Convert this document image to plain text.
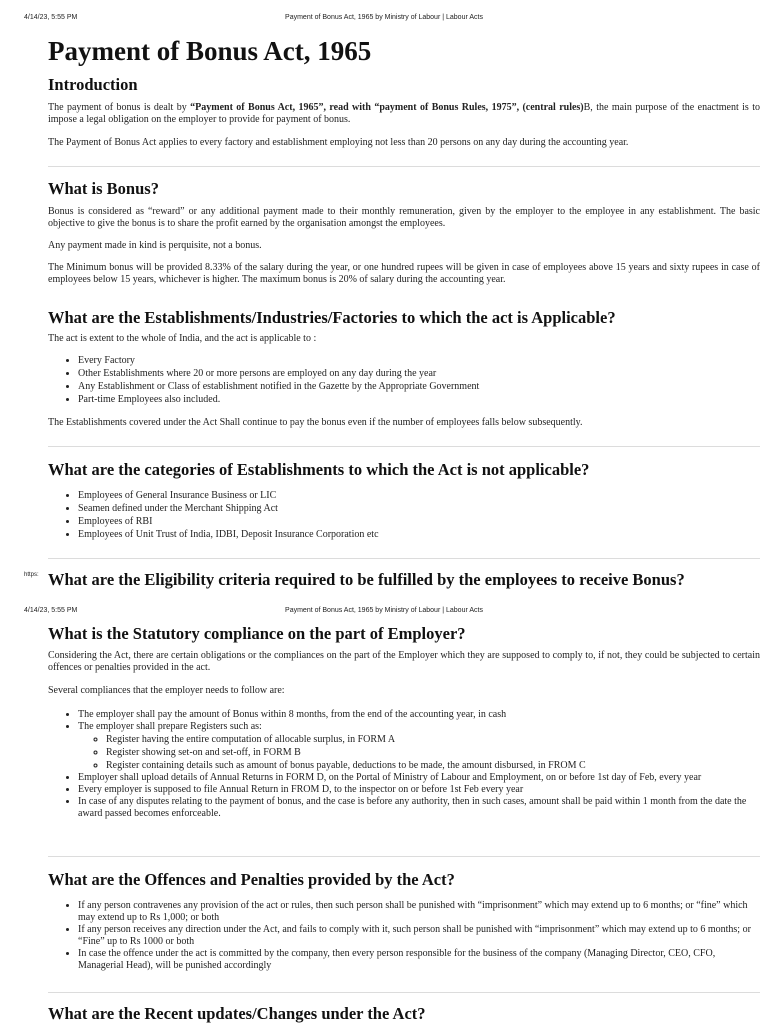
4/14/23, 5:55 PM	Payment of Bonus Act, 1965 by Ministry of Labour | Labour Acts
Payment of Bonus Act, 1965
Introduction

The payment of bonus is dealt by “Payment of Bonus Act, 1965”, read with “payment of Bonus Rules, 1975”, (central rules)B, the main purpose of the enactment is to impose a legal obligation on the employer to provide for payment of bonus.

The Payment of Bonus Act applies to every factory and establishment employing not less than 20 persons on any day during the accounting year.

What is Bonus?

Bonus is considered as “reward” or any additional payment made to their monthly remuneration, given by the employer to the employee in any establishment. The basic objective to give the bonus is to share the profit earned by the organisation amongst the employees.

Any payment made in kind is perquisite, not a bonus.

The Minimum bonus will be provided 8.33% of the salary during the year, or one hundred rupees will be given in case of employees above 15 years and sixty rupees in case of employees below 15 years, whichever is higher. The maximum bonus is 20% of salary during the accounting year.

What are the Establishments/Industries/Factories to which the act is Applicable?

The act is extent to the whole of India, and the act is applicable to :

• Every Factory
• Other Establishments where 20 or more persons are employed on any day during the year
• Any Establishment or Class of establishment notified in the Gazette by the Appropriate Government
• Part-time Employees also included.

The Establishments covered under the Act Shall continue to pay the bonus even if the number of employees falls below subsequently.

What are the categories of Establishments to which the Act is not applicable?
• Employees of General Insurance Business or LIC
• Seamen defined under the Merchant Shipping Act
• Employees of RBI
• Employees of Unit Trust of India, IDBI, Deposit Insurance Corporation etc
https: What are the Eligibility criteria required to be fulfilled by the employees to receive Bonus?
4/14/23, 5:55 PM	Payment of Bonus Act, 1965 by Ministry of Labour | Labour Acts
What is the Statutory compliance on the part of Employer?

Considering the Act, there are certain obligations or the compliances on the part of the Employer which they are supposed to comply to, if not, they could be subjected to certain offences or penalties provided in the act.

Several compliances that the employer needs to follow are:

• The employer shall pay the amount of Bonus within 8 months, from the end of the accounting year, in cash
• The employer shall prepare Registers such as:
◦ Register having the entire computation of allocable surplus, in FORM A
◦ Register showing set-on and set-off, in FORM B
◦ Register containing details such as amount of bonus payable, deductions to be made, the amount disbursed, in FROM C
• Employer shall upload details of Annual Returns in FORM D, on the Portal of Ministry of Labour and Employment, on or before 1st day of Feb, every year
• Every employer is supposed to file Annual Return in FROM D, to the inspector on or before 1st Feb every year
• In case of any disputes relating to the payment of bonus, and the case is before any authority, then in such cases, amount shall be paid within 1 month from the date the award passed becomes enforceable.
What are the Offences and Penalties provided by the Act?
• If any person contravenes any provision of the act or rules, then such person shall be punished with “imprisonment” which may extend up to 6 months; or “fine” which may extend up to Rs 1,000; or both
• If any person receives any direction under the Act, and fails to comply with it, such person shall be punished with “imprisonment” which may extend up to 6 months; or “Fine” up to Rs 1000 or both
• In case the offence under the act is committed by the company, then every person responsible for the business of the company (Managing Director, CEO, CFO, Managerial Head), will be punished accordingly
What are the Recent updates/Changes under the Act?
